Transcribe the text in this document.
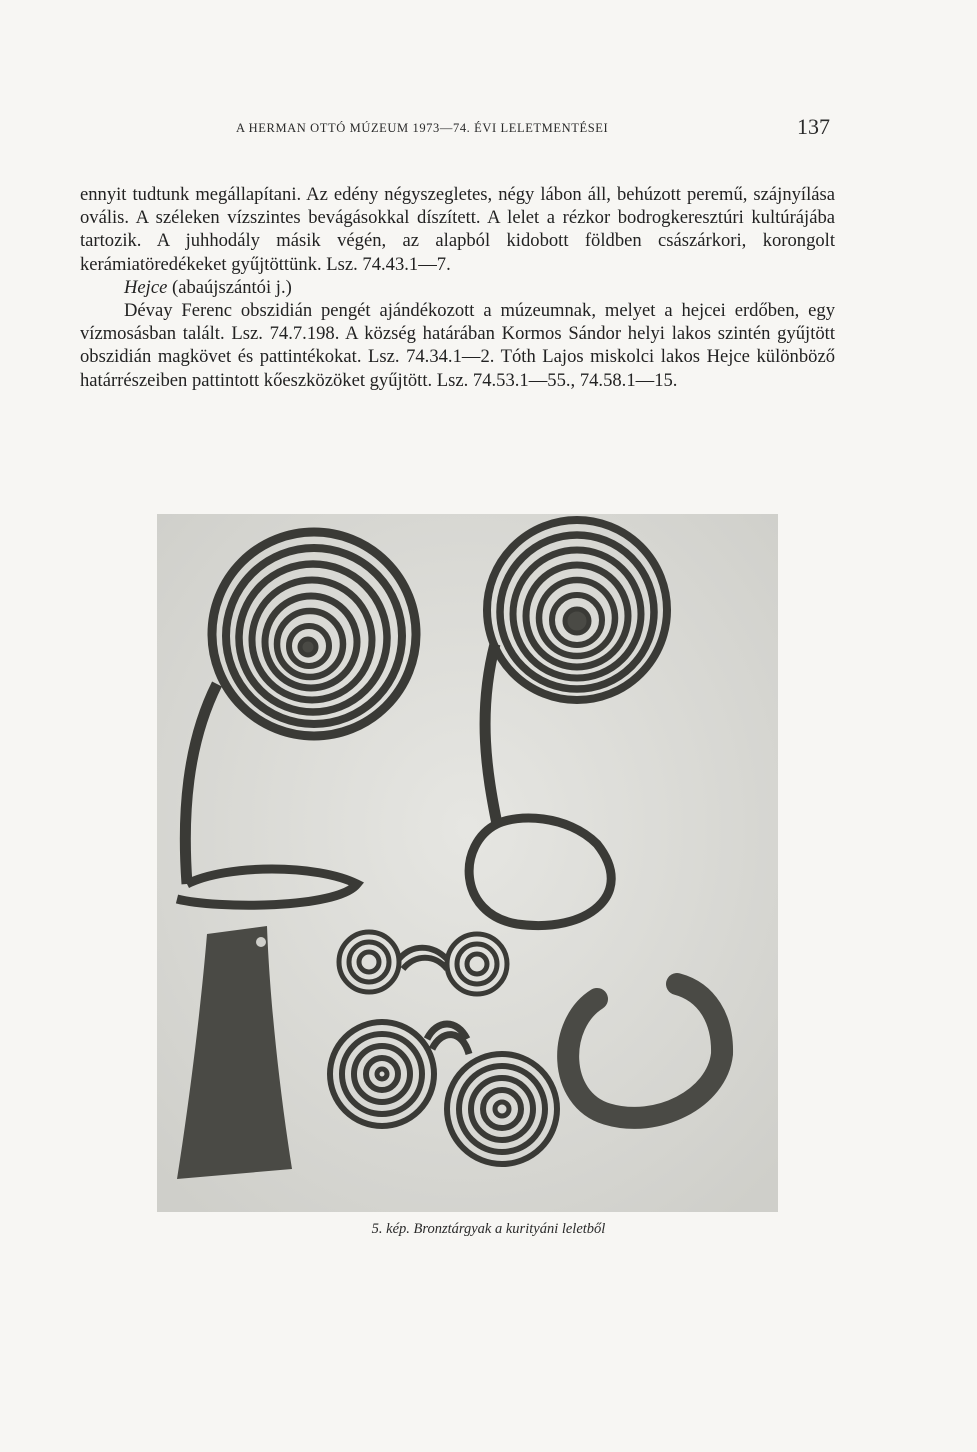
A HERMAN OTTÓ MÚZEUM 1973—74. ÉVI LELETMENTÉSEI	137

ennyit tudtunk megállapítani. Az edény négyszegletes, négy lábon áll, behúzott peremű, szájnyílása ovális. A széleken vízszintes bevágásokkal díszített. A lelet a rézkor bodrogkeresztúri kultúrájába tartozik. A juhhodály másik végén, az alapból kidobott földben császárkori, korongolt kerámiatöredékeket gyűjtöttünk. Lsz. 74.43.1—7.

Hejce (abaújszántói j.)

Dévay Ferenc obszidián pengét ajándékozott a múzeumnak, melyet a hejcei erdőben, egy vízmosásban talált. Lsz. 74.7.198. A község határában Kormos Sándor helyi lakos szintén gyűjtött obszidián magkövet és pattintékokat. Lsz. 74.34.1—2. Tóth Lajos miskolci lakos Hejce különböző határrészeiben pattintott kőeszközöket gyűjtött. Lsz. 74.53.1—55., 74.58.1—15.

5. kép. Bronztárgyak a kurityáni leletből
